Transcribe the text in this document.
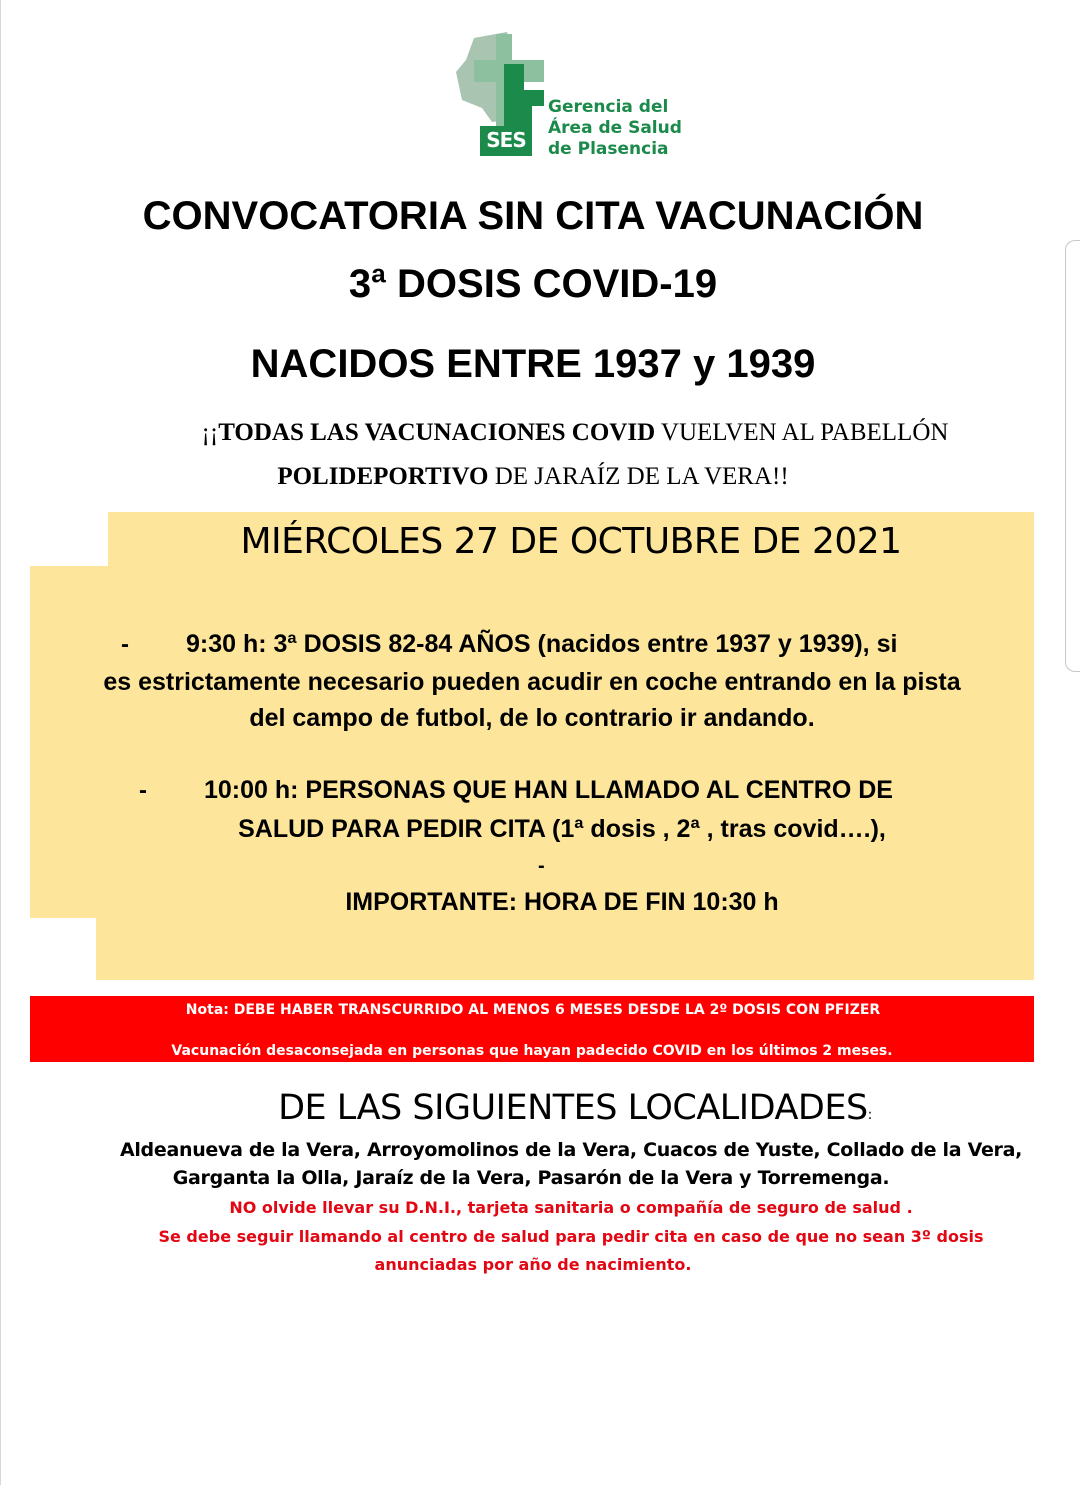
SES
Gerencia del
Área de Salud
de Plasencia
CONVOCATORIA SIN CITA VACUNACIÓN
3ª DOSIS COVID-19
NACIDOS ENTRE 1937 y 1939
¡¡TODAS LAS VACUNACIONES COVID VUELVEN AL PABELLÓN
POLIDEPORTIVO DE JARAÍZ DE LA VERA!!
MIÉRCOLES 27 DE OCTUBRE DE 2021
- 9:30 h: 3ª DOSIS 82-84 AÑOS (nacidos entre 1937 y 1939), si
es estrictamente necesario pueden acudir en coche entrando en la pista
del campo de futbol, de lo contrario ir andando.
- 10:00 h: PERSONAS QUE HAN LLAMADO AL CENTRO DE
SALUD PARA PEDIR CITA (1ª dosis , 2ª , tras covid….),
-
IMPORTANTE: HORA DE FIN 10:30 h
Nota: DEBE HABER TRANSCURRIDO AL MENOS 6 MESES DESDE LA 2º DOSIS CON PFIZER
Vacunación desaconsejada en personas que hayan padecido COVID en los últimos 2 meses.
DE LAS SIGUIENTES LOCALIDADES:
Aldeanueva de la Vera, Arroyomolinos de la Vera, Cuacos de Yuste, Collado de la Vera,
Garganta la Olla, Jaraíz de la Vera, Pasarón de la Vera y Torremenga.
NO olvide llevar su D.N.I., tarjeta sanitaria o compañía de seguro de salud .
Se debe seguir llamando al centro de salud para pedir cita en caso de que no sean 3º dosis
anunciadas por año de nacimiento.
